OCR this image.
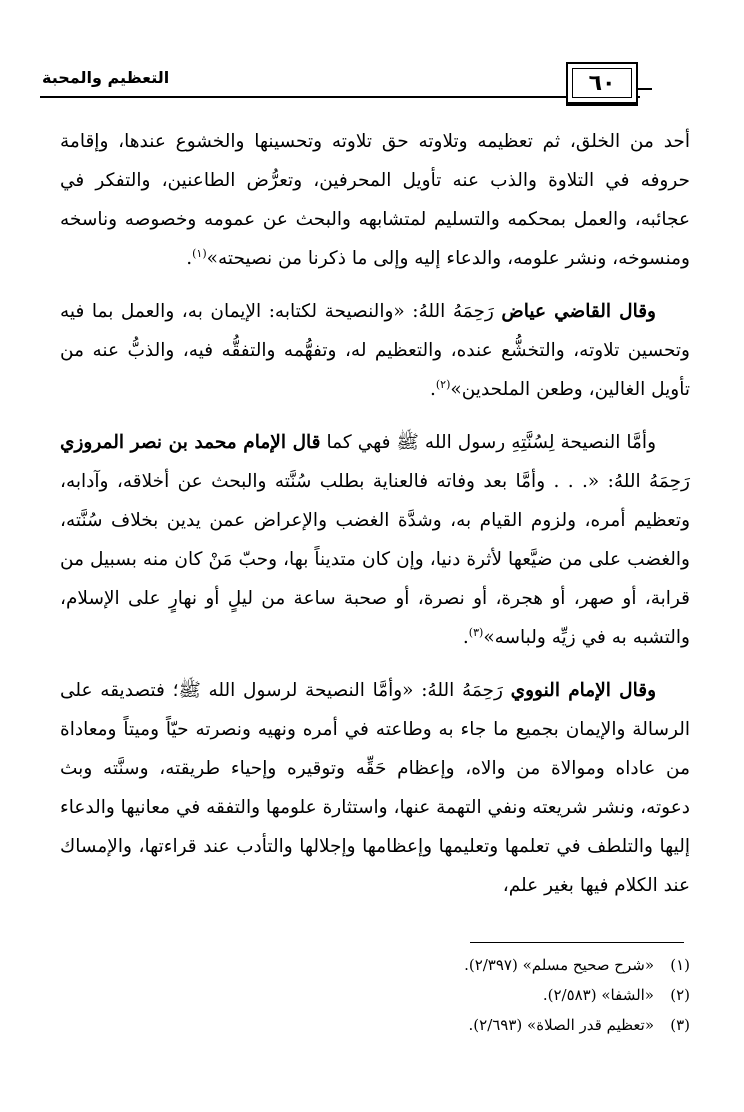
التعظيم والمحبة	٦٠

أحد من الخلق، ثم تعظيمه وتلاوته حق تلاوته وتحسينها والخشوع عندها، وإقامة حروفه في التلاوة والذب عنه تأويل المحرفين، وتعرُّض الطاعنين، والتفكر في عجائبه، والعمل بمحكمه والتسليم لمتشابهه والبحث عن عمومه وخصوصه وناسخه ومنسوخه، ونشر علومه، والدعاء إليه وإلى ما ذكرنا من نصيحته»$^{(١)}$.

وقال القاضي عياض رَحِمَهُ اللهُ: «والنصيحة لكتابه: الإيمان به، والعمل بما فيه وتحسين تلاوته، والتخشُّع عنده، والتعظيم له، وتفهُّمه والتفقُّه فيه، والذبُّ عنه من تأويل الغالين، وطعن الملحدين»$^{(٢)}$.

وأمَّا النصيحة لِسُنَّتِهِ رسول الله ﷺ فهي كما قال الإمام محمد بن نصر المروزي رَحِمَهُ اللهُ: «. . . وأمَّا بعد وفاته فالعناية بطلب سُنَّته والبحث عن أخلاقه، وآدابه، وتعظيم أمره، ولزوم القيام به، وشدَّة الغضب والإعراض عمن يدين بخلاف سُنَّته، والغضب على من ضيَّعها لأثرة دنيا، وإن كان متديناً بها، وحبّ مَنْ كان منه بسبيل من قرابة، أو صهر، أو هجرة، أو نصرة، أو صحبة ساعة من ليلٍ أو نهارٍ على الإسلام، والتشبه به في زيِّه ولباسه»$^{(٣)}$.

وقال الإمام النووي رَحِمَهُ اللهُ: «وأمَّا النصيحة لرسول الله ﷺ؛ فتصديقه على الرسالة والإيمان بجميع ما جاء به وطاعته في أمره ونهيه ونصرته حيّاً وميتاً ومعاداة من عاداه وموالاة من والاه، وإعظام حَقِّه وتوقيره وإحياء طريقته، وسنَّته وبث دعوته، ونشر شريعته ونفي التهمة عنها، واستثارة علومها والتفقه في معانيها والدعاء إليها والتلطف في تعلمها وتعليمها وإعظامها وإجلالها والتأدب عند قراءتها، والإمساك عند الكلام فيها بغير علم،

(١)«شرح صحيح مسلم» (٢/٣٩٧).

(٢)«الشفا» (٢/٥٨٣).

(٣)«تعظيم قدر الصلاة» (٢/٦٩٣).
